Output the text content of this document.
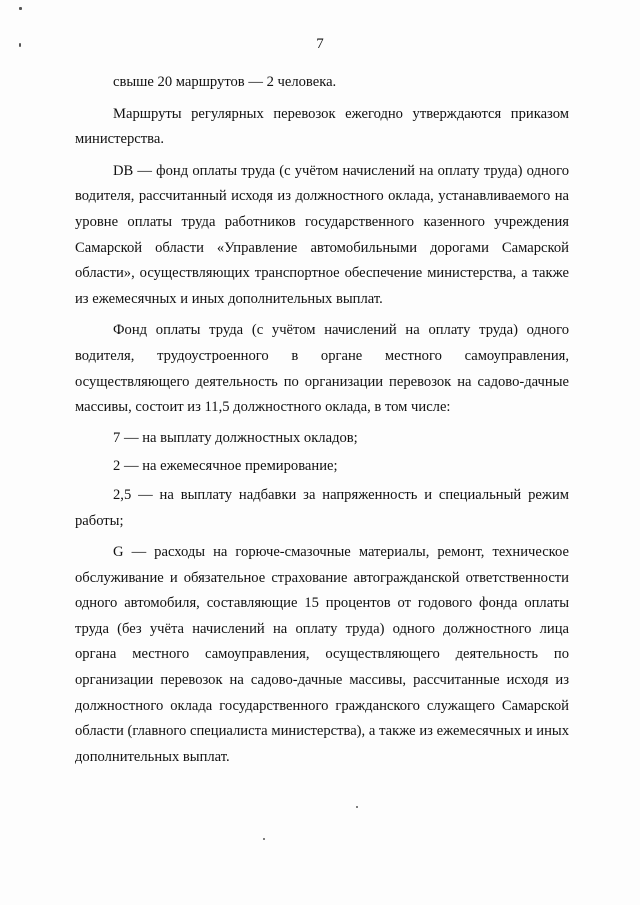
7

свыше 20 маршрутов — 2 человека.

Маршруты регулярных перевозок ежегодно утверждаются приказом министерства.

DB — фонд оплаты труда (с учётом начислений на оплату труда) одного водителя, рассчитанный исходя из должностного оклада, устанавливаемого на уровне оплаты труда работников государственного казенного учреждения Самарской области «Управление автомобильными дорогами Самарской области», осуществляющих транспортное обеспечение министерства, а также из ежемесячных и иных дополнительных выплат.

Фонд оплаты труда (с учётом начислений на оплату труда) одного водителя, трудоустроенного в органе местного самоуправления, осуществляющего деятельность по организации перевозок на садово-дачные массивы, состоит из 11,5 должностного оклада, в том числе:

7 — на выплату должностных окладов;

2 — на ежемесячное премирование;

2,5 — на выплату надбавки за напряженность и специальный режим работы;

G — расходы на горюче-смазочные материалы, ремонт, техническое обслуживание и обязательное страхование автогражданской ответственности одного автомобиля, составляющие 15 процентов от годового фонда оплаты труда (без учёта начислений на оплату труда) одного должностного лица органа местного самоуправления, осуществляющего деятельность по организации перевозок на садово-дачные массивы, рассчитанные исходя из должностного оклада государственного гражданского служащего Самарской области (главного специалиста министерства), а также из ежемесячных и иных дополнительных выплат.
